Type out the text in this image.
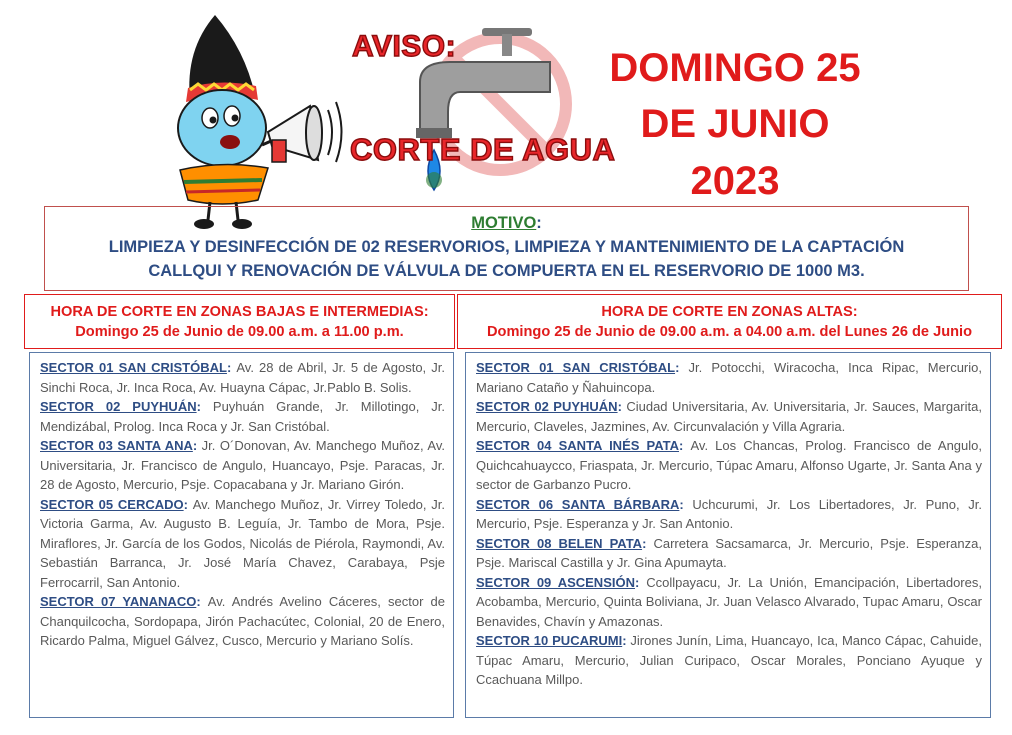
AVISO:
CORTE DE AGUA
DOMINGO 25
DE JUNIO
2023
MOTIVO:
LIMPIEZA Y DESINFECCIÓN DE 02 RESERVORIOS, LIMPIEZA Y MANTENIMIENTO DE LA CAPTACIÓN
CALLQUI Y RENOVACIÓN DE VÁLVULA DE COMPUERTA EN EL RESERVORIO DE 1000 M3.
HORA DE CORTE EN ZONAS BAJAS E INTERMEDIAS:
Domingo 25 de Junio de 09.00 a.m. a 11.00 p.m.
HORA DE CORTE EN ZONAS ALTAS:
Domingo 25 de Junio de 09.00 a.m. a 04.00 a.m. del Lunes 26 de Junio

SECTOR 01 SAN CRISTÓBAL: Av. 28 de Abril, Jr. 5 de Agosto, Jr. Sinchi Roca, Jr. Inca Roca, Av. Huayna Cápac, Jr.Pablo B. Solis.

SECTOR 02 PUYHUÁN: Puyhuán Grande, Jr. Millotingo, Jr. Mendizábal, Prolog. Inca Roca y Jr. San Cristóbal.

SECTOR 03 SANTA ANA: Jr. O´Donovan, Av. Manchego Muñoz, Av. Universitaria, Jr. Francisco de Angulo, Huancayo, Psje. Paracas, Jr. 28 de Agosto, Mercurio, Psje. Copacabana y Jr. Mariano Girón.

SECTOR 05 CERCADO: Av. Manchego Muñoz, Jr. Virrey Toledo, Jr. Victoria Garma, Av. Augusto B. Leguía, Jr. Tambo de Mora, Psje. Miraflores, Jr. García de los Godos, Nicolás de Piérola, Raymondi, Av. Sebastián Barranca, Jr. José María Chavez, Carabaya, Psje Ferrocarril, San Antonio.

SECTOR 07 YANANACO: Av. Andrés Avelino Cáceres, sector de Chanquilcocha, Sordopapa, Jirón Pachacútec, Colonial, 20 de Enero, Ricardo Palma, Miguel Gálvez, Cusco, Mercurio y Mariano Solís.

SECTOR 01 SAN CRISTÓBAL: Jr. Potocchi, Wiracocha, Inca Ripac, Mercurio, Mariano Cataño y Ñahuincopa.

SECTOR 02 PUYHUÁN: Ciudad Universitaria, Av. Universitaria, Jr. Sauces, Margarita, Mercurio, Claveles, Jazmines, Av. Circunvalación y Villa Agraria.

SECTOR 04 SANTA INÉS PATA: Av. Los Chancas, Prolog. Francisco de Angulo, Quichcahuaycco, Friaspata, Jr. Mercurio, Túpac Amaru, Alfonso Ugarte, Jr. Santa Ana y sector de Garbanzo Pucro.

SECTOR 06 SANTA BÁRBARA: Uchcurumi, Jr. Los Libertadores, Jr. Puno, Jr. Mercurio, Psje. Esperanza y Jr. San Antonio.

SECTOR 08 BELEN PATA: Carretera Sacsamarca, Jr. Mercurio, Psje. Esperanza, Psje. Mariscal Castilla y Jr. Gina Apumayta.

SECTOR 09 ASCENSIÓN: Ccollpayacu, Jr. La Unión, Emancipación, Libertadores, Acobamba, Mercurio, Quinta Boliviana, Jr. Juan Velasco Alvarado, Tupac Amaru, Oscar Benavides, Chavín y Amazonas.

SECTOR 10 PUCARUMI: Jirones Junín, Lima, Huancayo, Ica, Manco Cápac, Cahuide, Túpac Amaru, Mercurio, Julian Curipaco, Oscar Morales, Ponciano Ayuque y Ccachuana Millpo.
